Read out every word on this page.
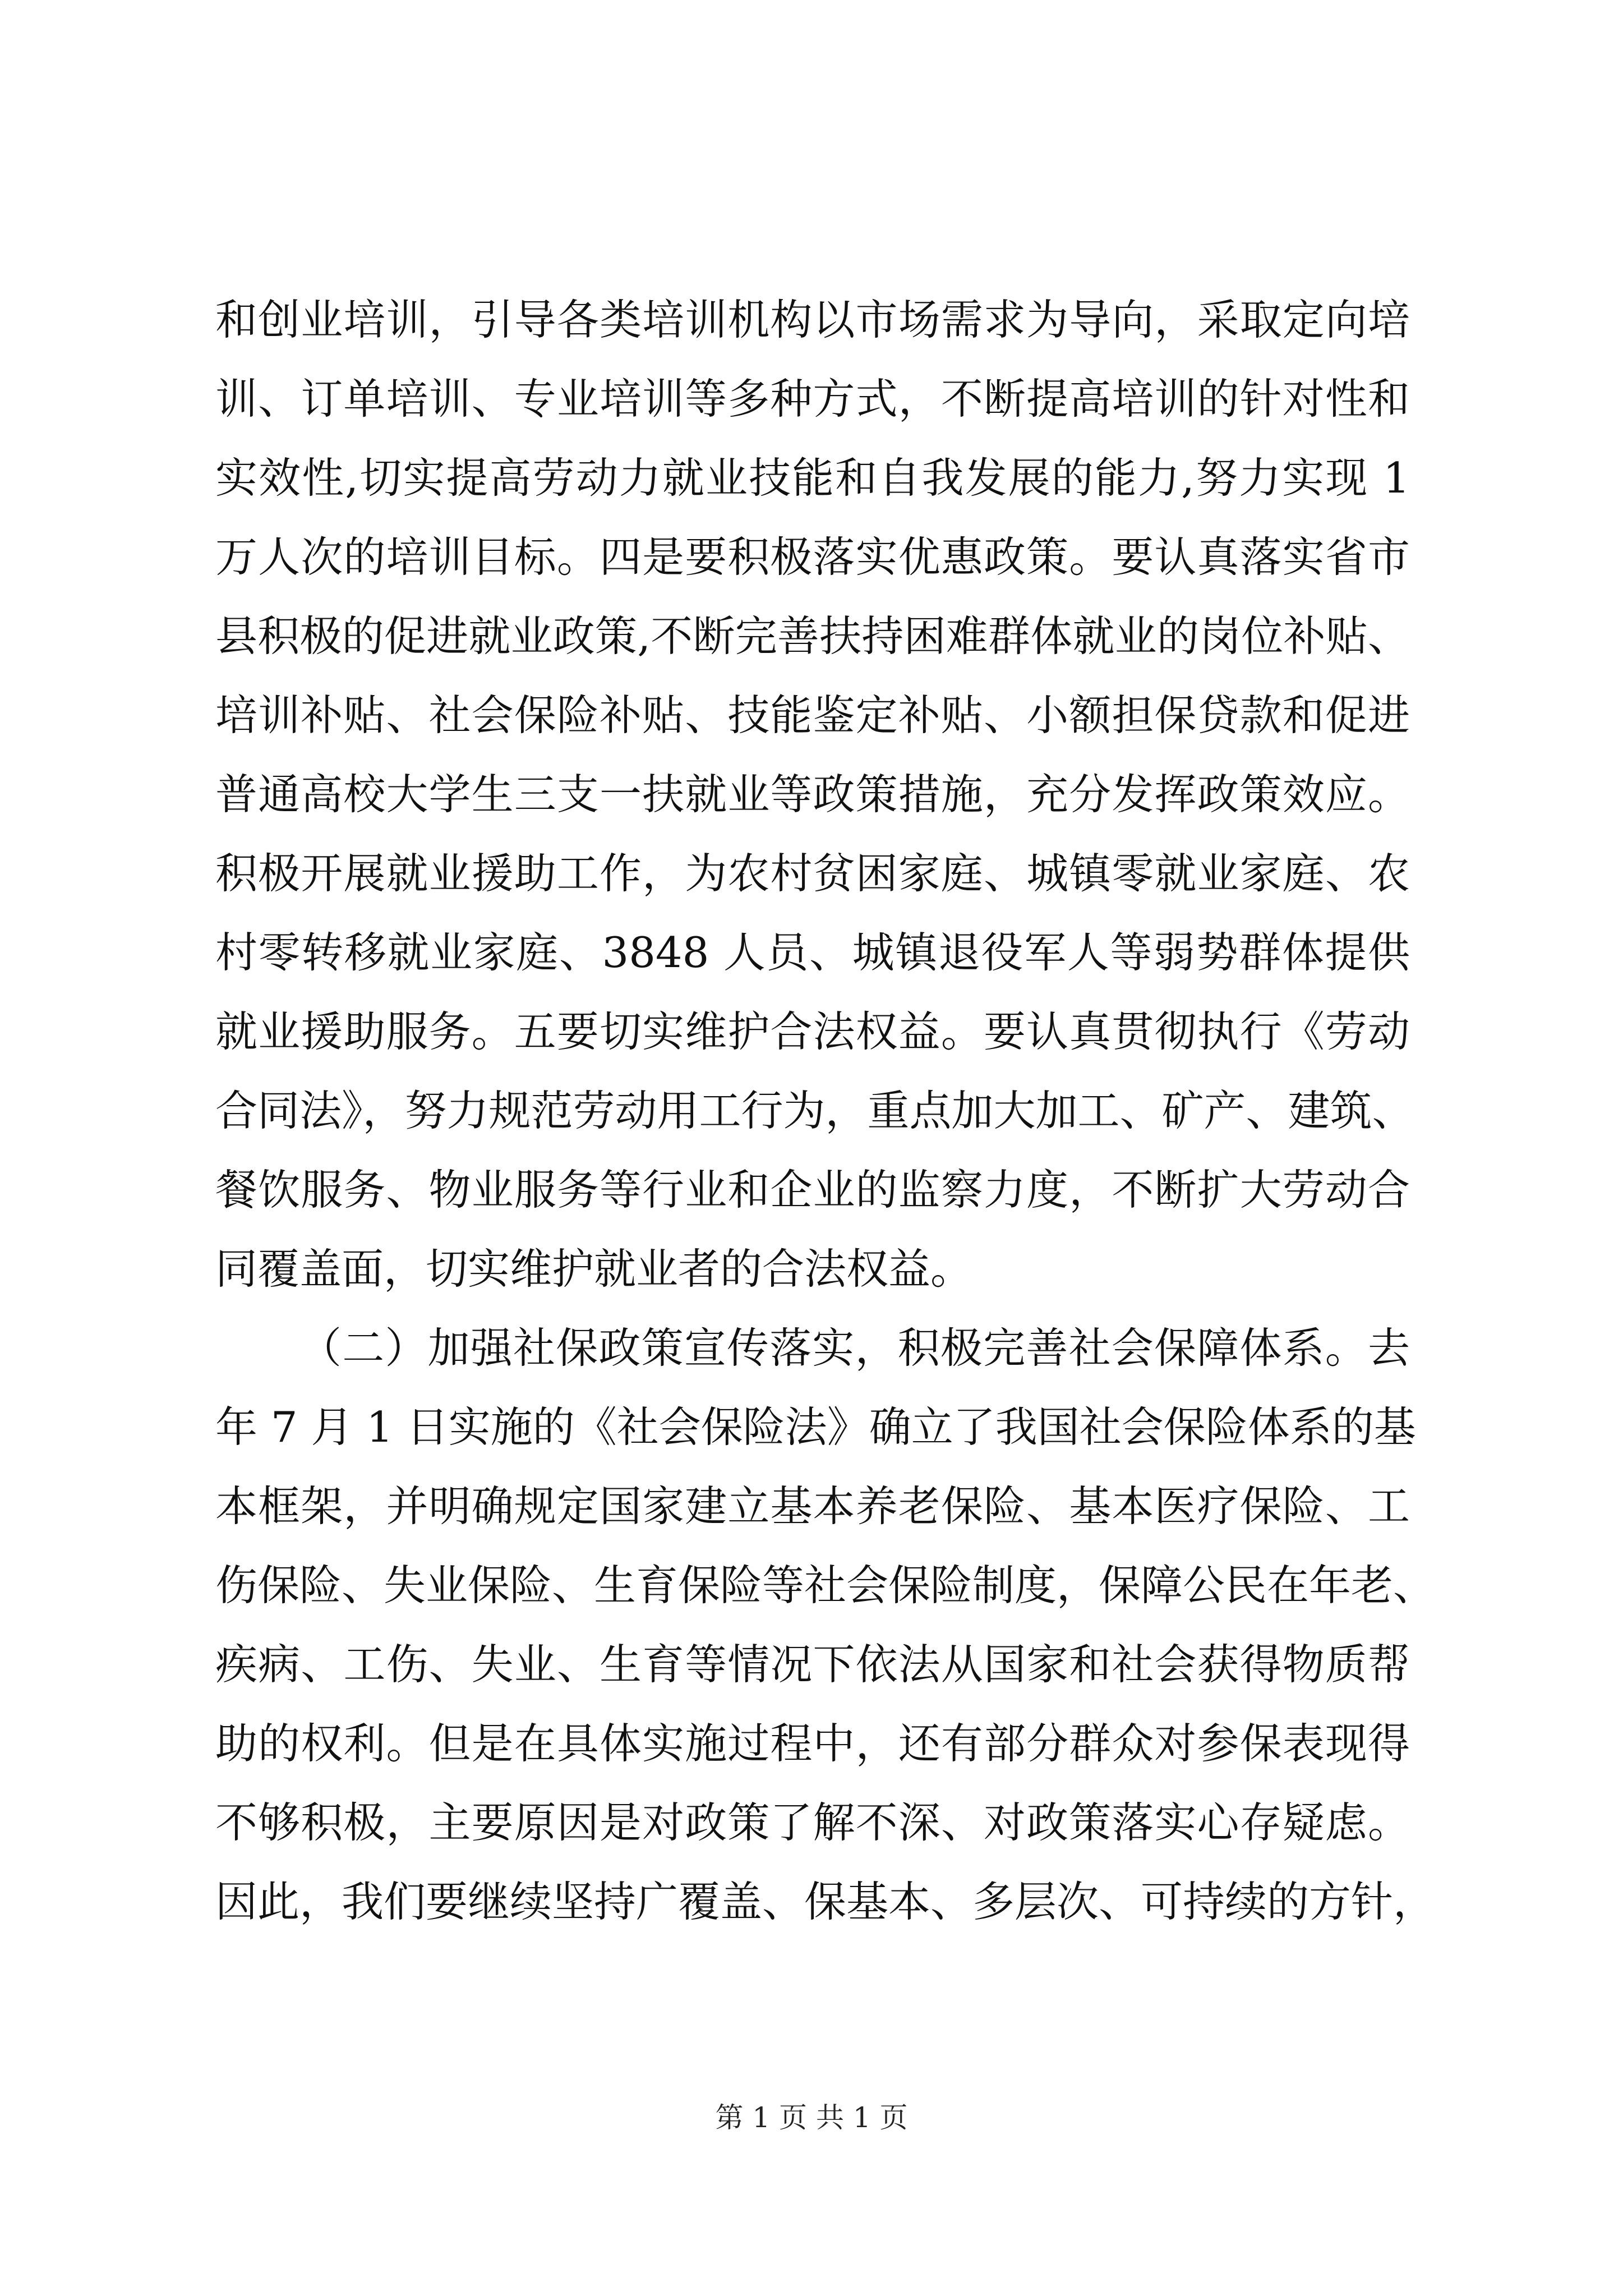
和创业培训，引导各类培训机构以市场需求为导向，采取定向培
训、订单培训、专业培训等多种方式，不断提高培训的针对性和
实效性,切实提高劳动力就业技能和自我发展的能力,努力实现 1
万人次的培训目标。四是要积极落实优惠政策。要认真落实省市
县积极的促进就业政策,不断完善扶持困难群体就业的岗位补贴、
培训补贴、社会保险补贴、技能鉴定补贴、小额担保贷款和促进
普通高校大学生三支一扶就业等政策措施，充分发挥政策效应。
积极开展就业援助工作，为农村贫困家庭、城镇零就业家庭、农
村零转移就业家庭、3848 人员、城镇退役军人等弱势群体提供
就业援助服务。五要切实维护合法权益。要认真贯彻执行《劳动
合同法》，努力规范劳动用工行为，重点加大加工、矿产、建筑、
餐饮服务、物业服务等行业和企业的监察力度，不断扩大劳动合
同覆盖面，切实维护就业者的合法权益。
（二）加强社保政策宣传落实，积极完善社会保障体系。去
年 7 月 1 日实施的《社会保险法》确立了我国社会保险体系的基
本框架，并明确规定国家建立基本养老保险、基本医疗保险、工
伤保险、失业保险、生育保险等社会保险制度，保障公民在年老、
疾病、工伤、失业、生育等情况下依法从国家和社会获得物质帮
助的权利。但是在具体实施过程中，还有部分群众对参保表现得
不够积极，主要原因是对政策了解不深、对政策落实心存疑虑。
因此，我们要继续坚持广覆盖、保基本、多层次、可持续的方针，
第 1 页 共 1 页
